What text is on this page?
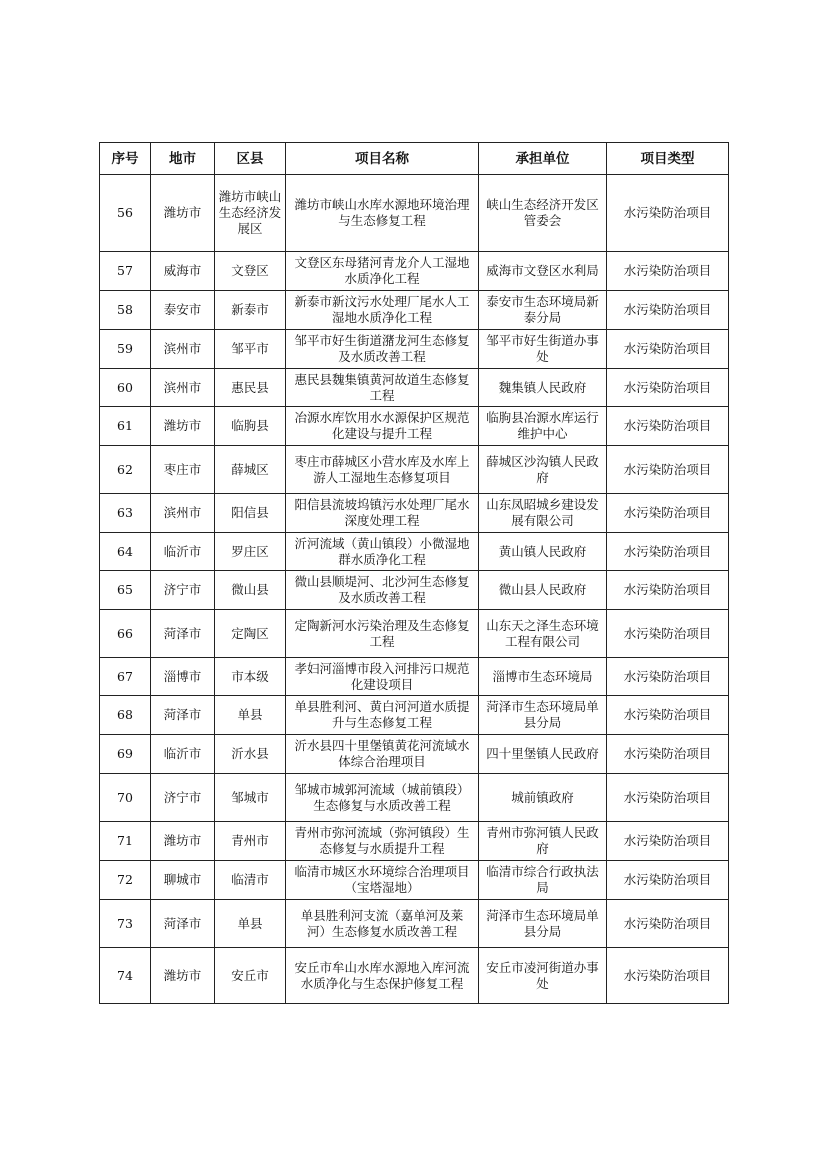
序号	地市	区县	项目名称	承担单位	项目类型
56	潍坊市	潍坊市峡山生态经济发展区	潍坊市峡山水库水源地环境治理与生态修复工程	峡山生态经济开发区管委会	水污染防治项目
57	威海市	文登区	文登区东母猪河青龙介人工湿地水质净化工程	威海市文登区水利局	水污染防治项目
58	泰安市	新泰市	新泰市新汶污水处理厂尾水人工湿地水质净化工程	泰安市生态环境局新泰分局	水污染防治项目
59	滨州市	邹平市	邹平市好生街道潴龙河生态修复及水质改善工程	邹平市好生街道办事处	水污染防治项目
60	滨州市	惠民县	惠民县魏集镇黄河故道生态修复工程	魏集镇人民政府	水污染防治项目
61	潍坊市	临朐县	冶源水库饮用水水源保护区规范化建设与提升工程	临朐县冶源水库运行维护中心	水污染防治项目
62	枣庄市	薛城区	枣庄市薛城区小营水库及水库上游人工湿地生态修复项目	薛城区沙沟镇人民政府	水污染防治项目
63	滨州市	阳信县	阳信县流坡坞镇污水处理厂尾水深度处理工程	山东凤昭城乡建设发展有限公司	水污染防治项目
64	临沂市	罗庄区	沂河流域（黄山镇段）小微湿地群水质净化工程	黄山镇人民政府	水污染防治项目
65	济宁市	微山县	微山县顺堤河、北沙河生态修复及水质改善工程	微山县人民政府	水污染防治项目
66	菏泽市	定陶区	定陶新河水污染治理及生态修复工程	山东天之泽生态环境工程有限公司	水污染防治项目
67	淄博市	市本级	孝妇河淄博市段入河排污口规范化建设项目	淄博市生态环境局	水污染防治项目
68	菏泽市	单县	单县胜利河、黄白河河道水质提升与生态修复工程	菏泽市生态环境局单县分局	水污染防治项目
69	临沂市	沂水县	沂水县四十里堡镇黄花河流域水体综合治理项目	四十里堡镇人民政府	水污染防治项目
70	济宁市	邹城市	邹城市城郭河流域（城前镇段）生态修复与水质改善工程	城前镇政府	水污染防治项目
71	潍坊市	青州市	青州市弥河流域（弥河镇段）生态修复与水质提升工程	青州市弥河镇人民政府	水污染防治项目
72	聊城市	临清市	临清市城区水环境综合治理项目（宝塔湿地）	临清市综合行政执法局	水污染防治项目
73	菏泽市	单县	单县胜利河支流（嘉单河及莱河）生态修复水质改善工程	菏泽市生态环境局单县分局	水污染防治项目
74	潍坊市	安丘市	安丘市牟山水库水源地入库河流水质净化与生态保护修复工程	安丘市凌河街道办事处	水污染防治项目
